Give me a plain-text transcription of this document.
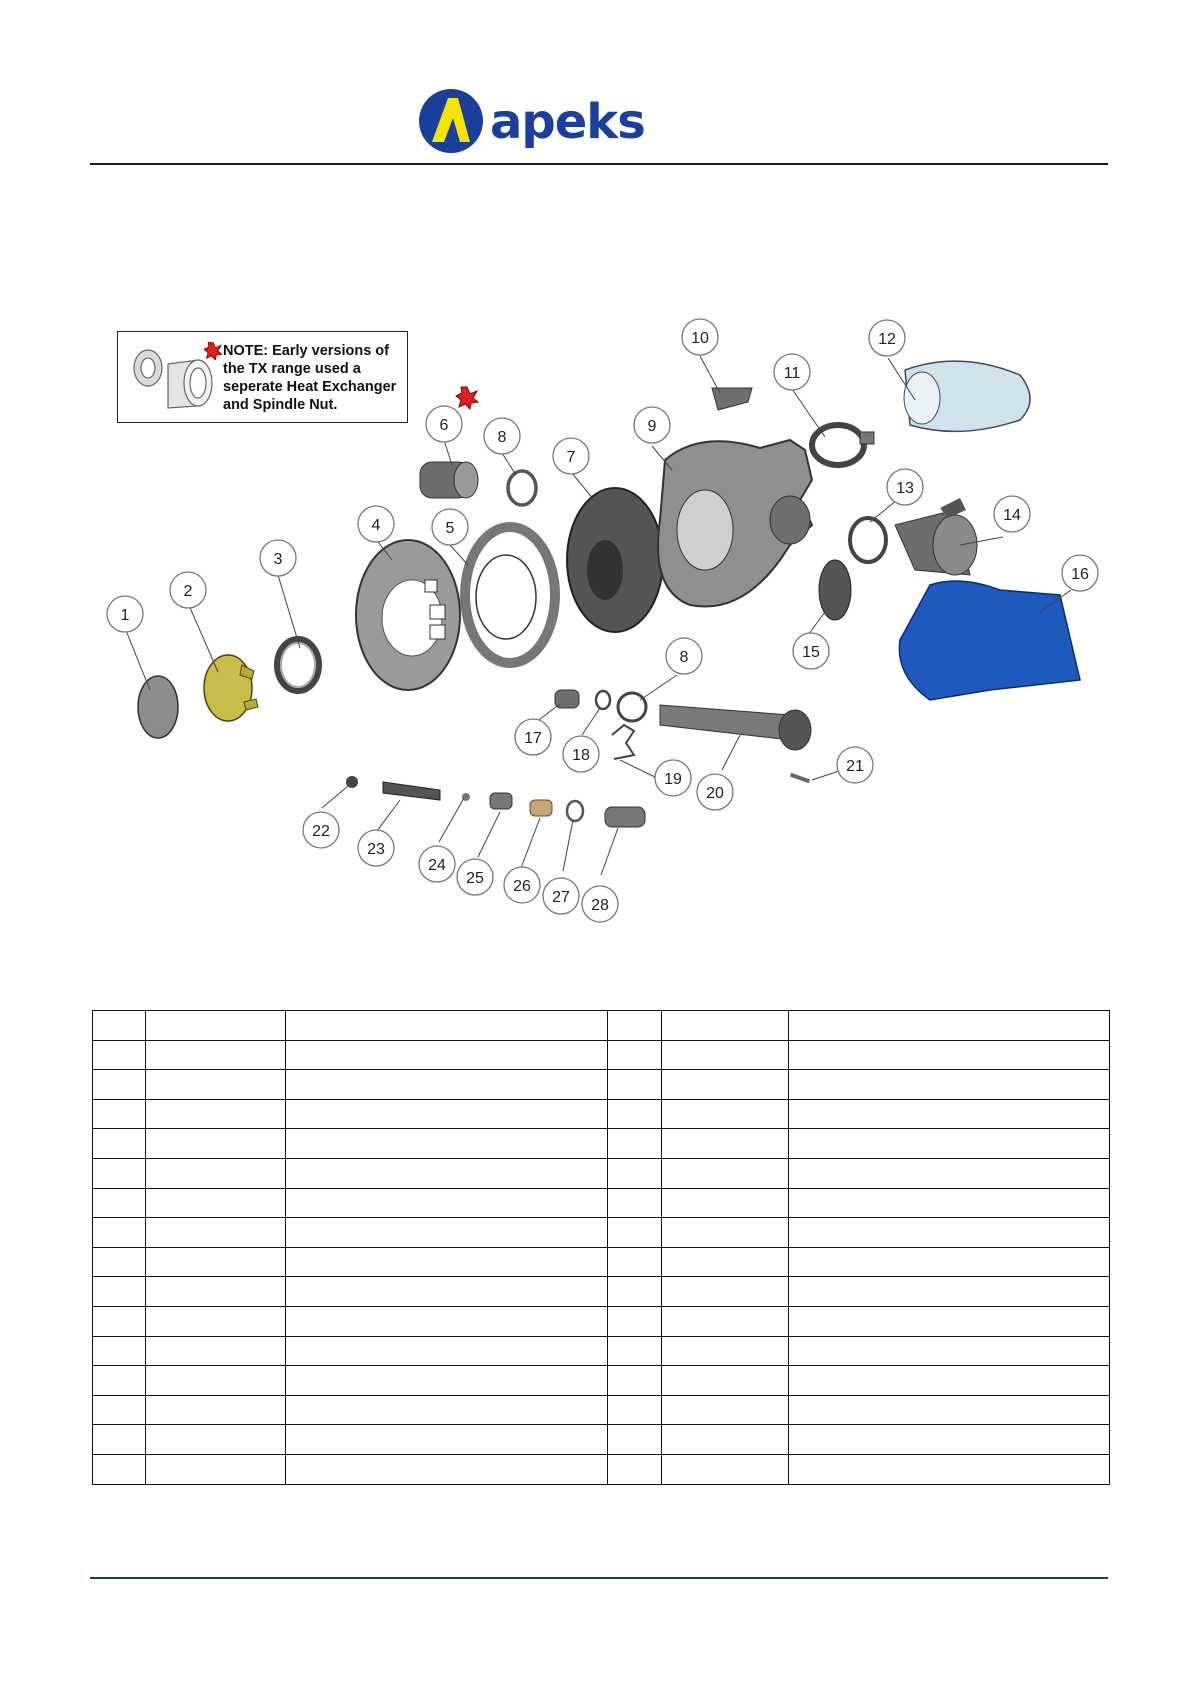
apeks
1
2
3
4	5
6
8
7
9
10
11
12
13
14
15
16
8
17
18
19
20
21
22
23
24
25 26
27 28
NOTE: Early versions of
the TX range used a
seperate Heat Exchanger
and Spindle Nut.
